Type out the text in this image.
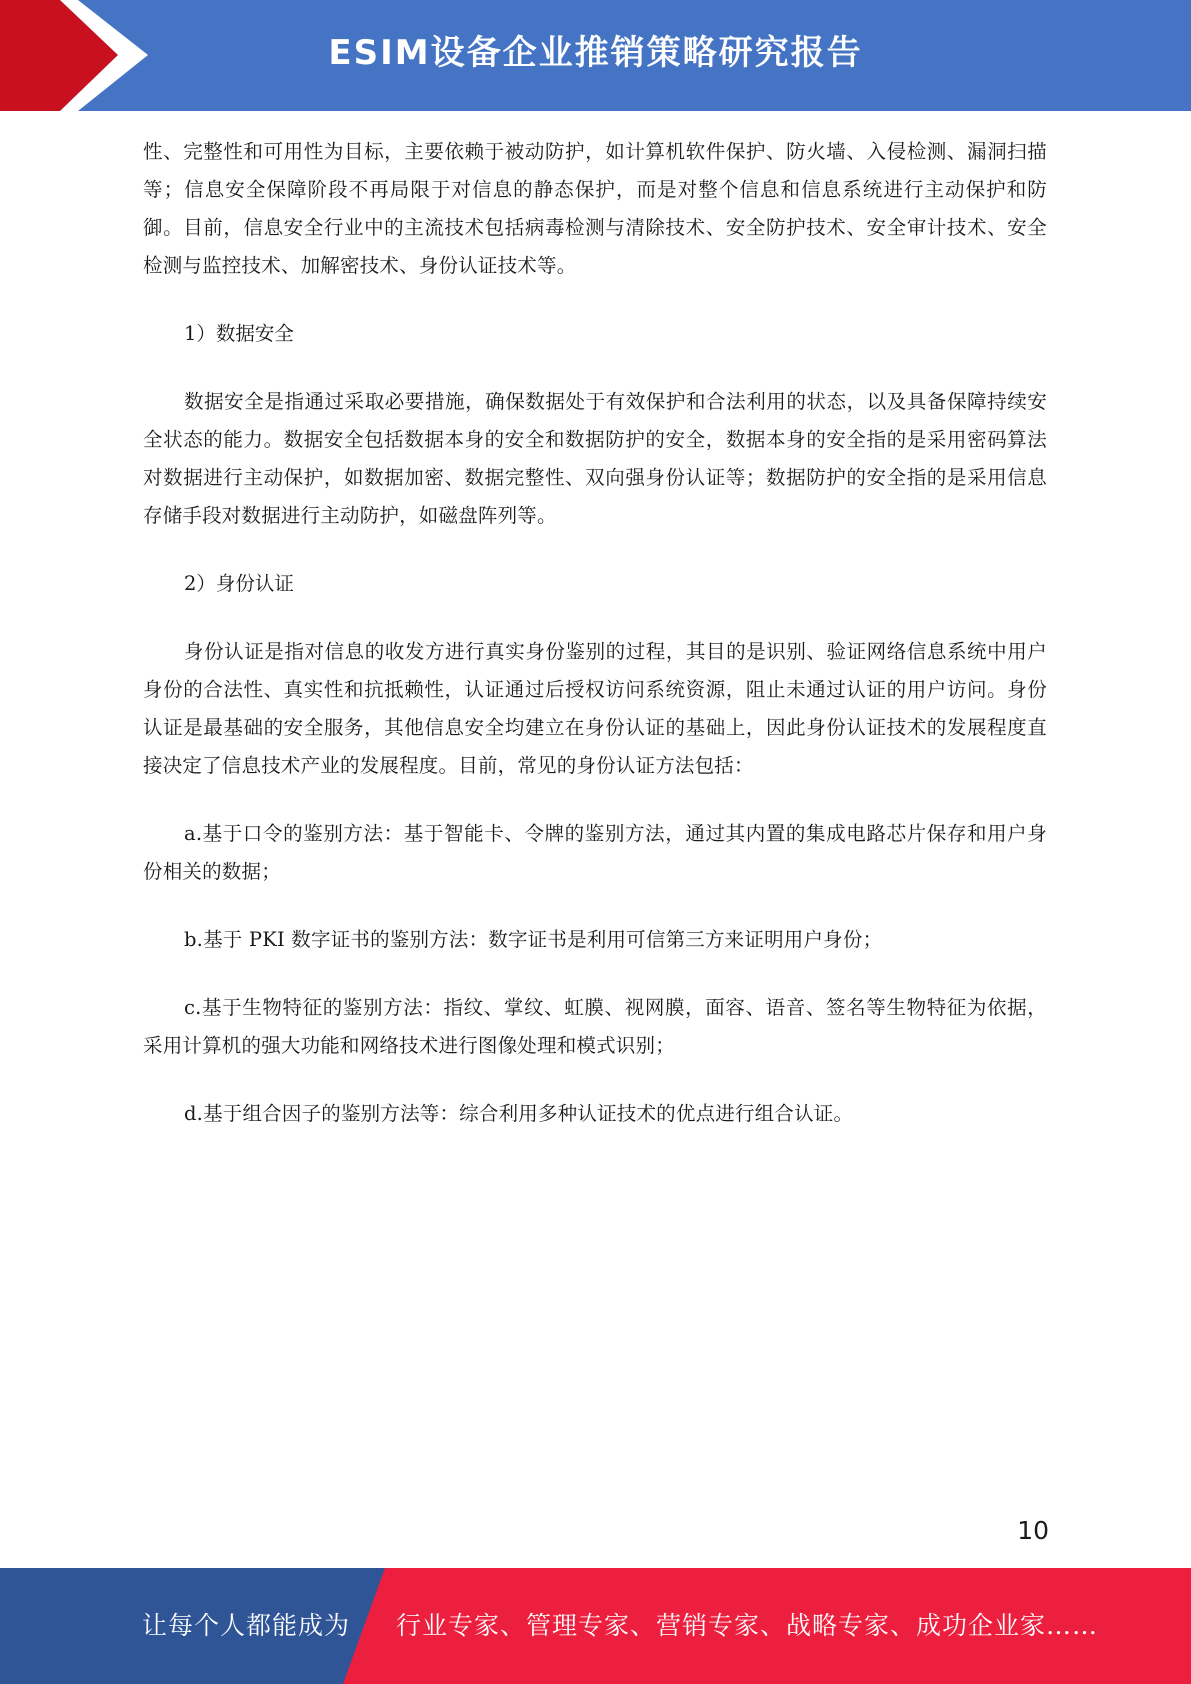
ESIM设备企业推销策略研究报告

性、完整性和可用性为目标，主要依赖于被动防护，如计算机软件保护、防火墙、入侵检测、漏洞扫描等；信息安全保障阶段不再局限于对信息的静态保护，而是对整个信息和信息系统进行主动保护和防御。目前，信息安全行业中的主流技术包括病毒检测与清除技术、安全防护技术、安全审计技术、安全检测与监控技术、加解密技术、身份认证技术等。

1）数据安全

数据安全是指通过采取必要措施，确保数据处于有效保护和合法利用的状态，以及具备保障持续安全状态的能力。数据安全包括数据本身的安全和数据防护的安全，数据本身的安全指的是采用密码算法对数据进行主动保护，如数据加密、数据完整性、双向强身份认证等；数据防护的安全指的是采用信息存储手段对数据进行主动防护，如磁盘阵列等。

2）身份认证

身份认证是指对信息的收发方进行真实身份鉴别的过程，其目的是识别、验证网络信息系统中用户身份的合法性、真实性和抗抵赖性，认证通过后授权访问系统资源，阻止未通过认证的用户访问。身份认证是最基础的安全服务，其他信息安全均建立在身份认证的基础上，因此身份认证技术的发展程度直接决定了信息技术产业的发展程度。目前，常见的身份认证方法包括：

a.基于口令的鉴别方法：基于智能卡、令牌的鉴别方法，通过其内置的集成电路芯片保存和用户身份相关的数据；

b.基于 PKI 数字证书的鉴别方法：数字证书是利用可信第三方来证明用户身份；

c.基于生物特征的鉴别方法：指纹、掌纹、虹膜、视网膜，面容、语音、签名等生物特征为依据，采用计算机的强大功能和网络技术进行图像处理和模式识别；

d.基于组合因子的鉴别方法等：综合利用多种认证技术的优点进行组合认证。

10
让每个人都能成为 行业专家、管理专家、营销专家、战略专家、成功企业家……
